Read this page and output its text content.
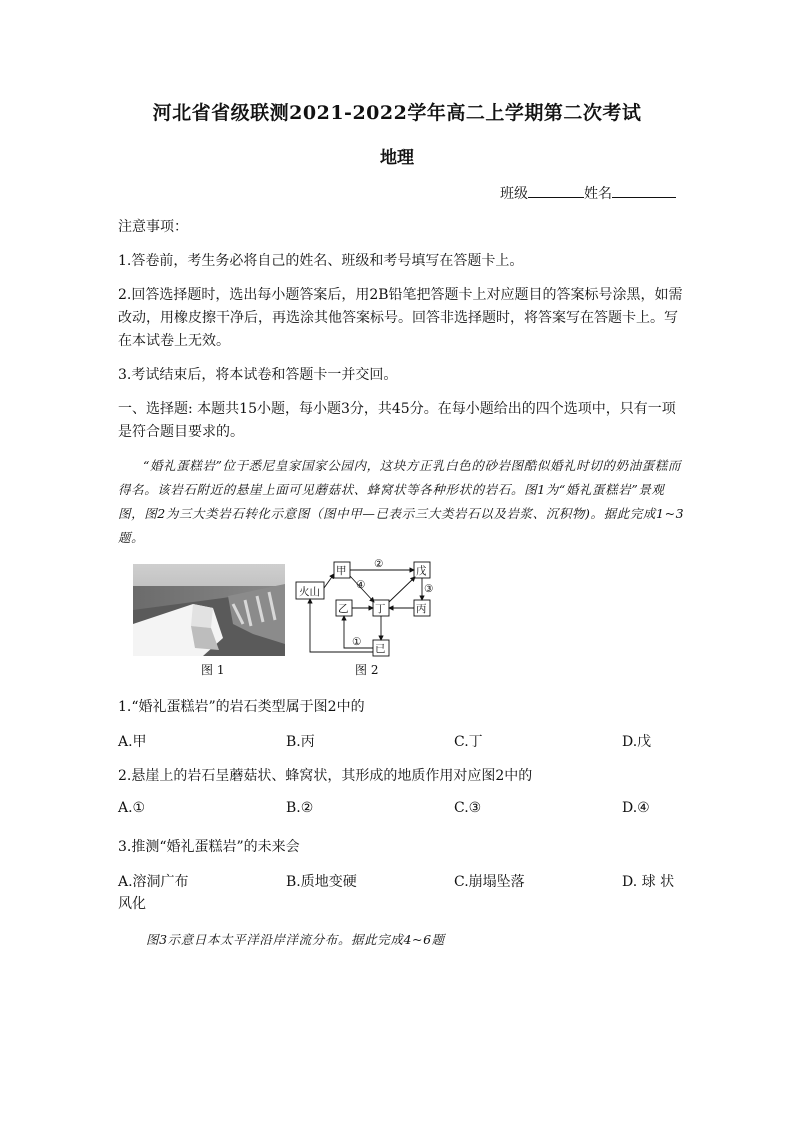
河北省省级联测2021-2022学年高二上学期第二次考试
地理
班级	姓名
注意事项：
1.答卷前，考生务必将自己的姓名、班级和考号填写在答题卡上。
2.回答选择题时，选出每小题答案后，用2B铅笔把答题卡上对应题目的答案标号涂黑，如需改动，用橡皮擦干净后，再选涂其他答案标号。回答非选择题时，将答案写在答题卡上。写在本试卷上无效。
3.考试结束后，将本试卷和答题卡一并交回。
一、选择题: 本题共15小题，每小题3分，共45分。在每小题给出的四个选项中，只有一项是符合题目要求的。
“婚礼蛋糕岩”位于悉尼皇家国家公园内，这块方正乳白色的砂岩图酷似婚礼时切的奶油蛋糕而得名。该岩石附近的悬崖上面可见蘑菇状、蜂窝状等各种形状的岩石。图1为“婚礼蛋糕岩”景观图，图2为三大类岩石转化示意图（图中甲—已表示三大类岩石以及岩浆、沉积物)。据此完成1~3题。
图 1
火山
甲	戊
乙	丁	丙
已
②
④	③
①
图 2
1.“婚礼蛋糕岩”的岩石类型属于图2中的
A.甲	B.丙	C.丁	D.戊
2.悬崖上的岩石呈蘑菇状、蜂窝状，其形成的地质作用对应图2中的
A.①	B.②	C.③	D.④
3.推测“婚礼蛋糕岩”的未来会
A.溶洞广布	B.质地变硬	C.崩塌坠落	D. 球 状
风化
图3示意日本太平洋沿岸洋流分布。据此完成4~6题
